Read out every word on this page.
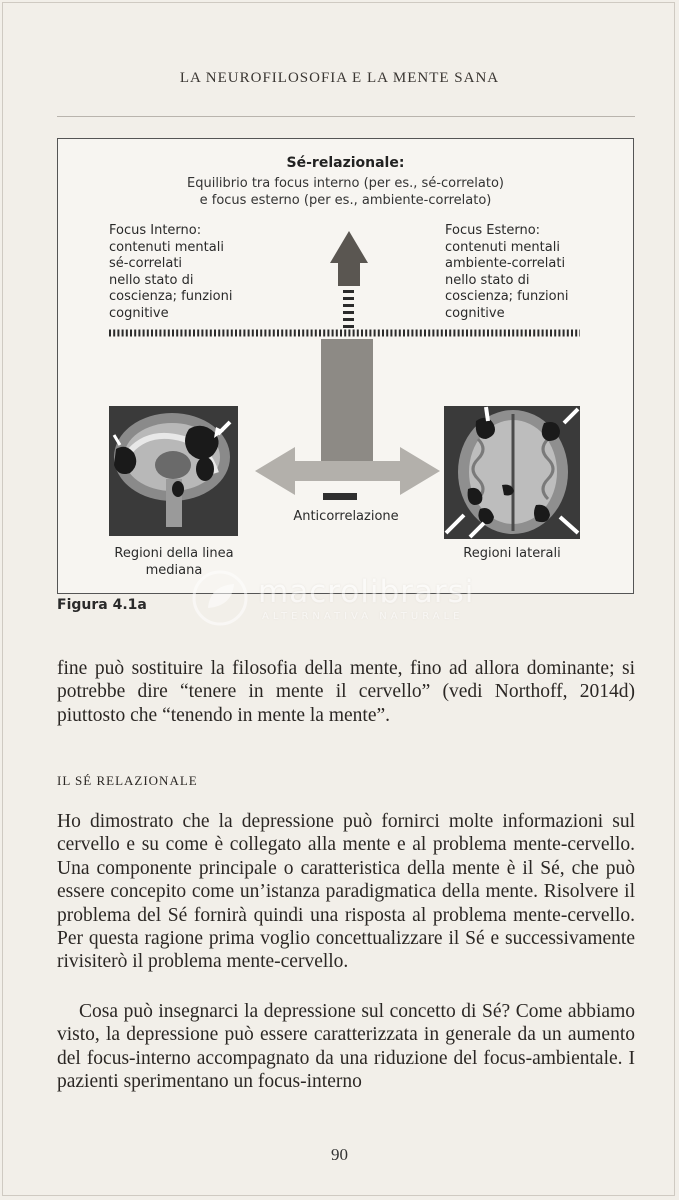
LA NEUROFILOSOFIA E LA MENTE SANA
Sé-relazionale:
Equilibrio tra focus interno (per es., sé-correlato)
e focus esterno (per es., ambiente-correlato)
Focus Interno:
contenuti mentali
sé-correlati
nello stato di
coscienza; funzioni
cognitive
Focus Esterno:
contenuti mentali
ambiente-correlati
nello stato di
coscienza; funzioni
cognitive
Regioni della linea
mediana
Regioni laterali
Anticorrelazione
Figura 4.1a	macrolibrarsi
ALTERNATIVA NATURALE

fine può sostituire la filosofia della mente, fino ad allora dominante; si potrebbe dire “tenere in mente il cervello” (vedi Northoff, 2014d) piuttosto che “tenendo in mente la mente”.

IL SÉ RELAZIONALE

Ho dimostrato che la depressione può fornirci molte informazioni sul cervello e su come è collegato alla mente e al problema mente-cervello. Una componente principale o caratteristica della mente è il Sé, che può essere concepito come un’istanza paradigmatica della mente. Risolvere il problema del Sé fornirà quindi una risposta al problema mente-cervello. Per questa ragione prima voglio concettualizzare il Sé e successivamente rivisiterò il problema mente-cervello.

Cosa può insegnarci la depressione sul concetto di Sé? Come abbiamo visto, la depressione può essere caratterizzata in generale da un aumento del focus-interno accompagnato da una riduzione del focus-ambientale. I pazienti sperimentano un focus-interno

90
